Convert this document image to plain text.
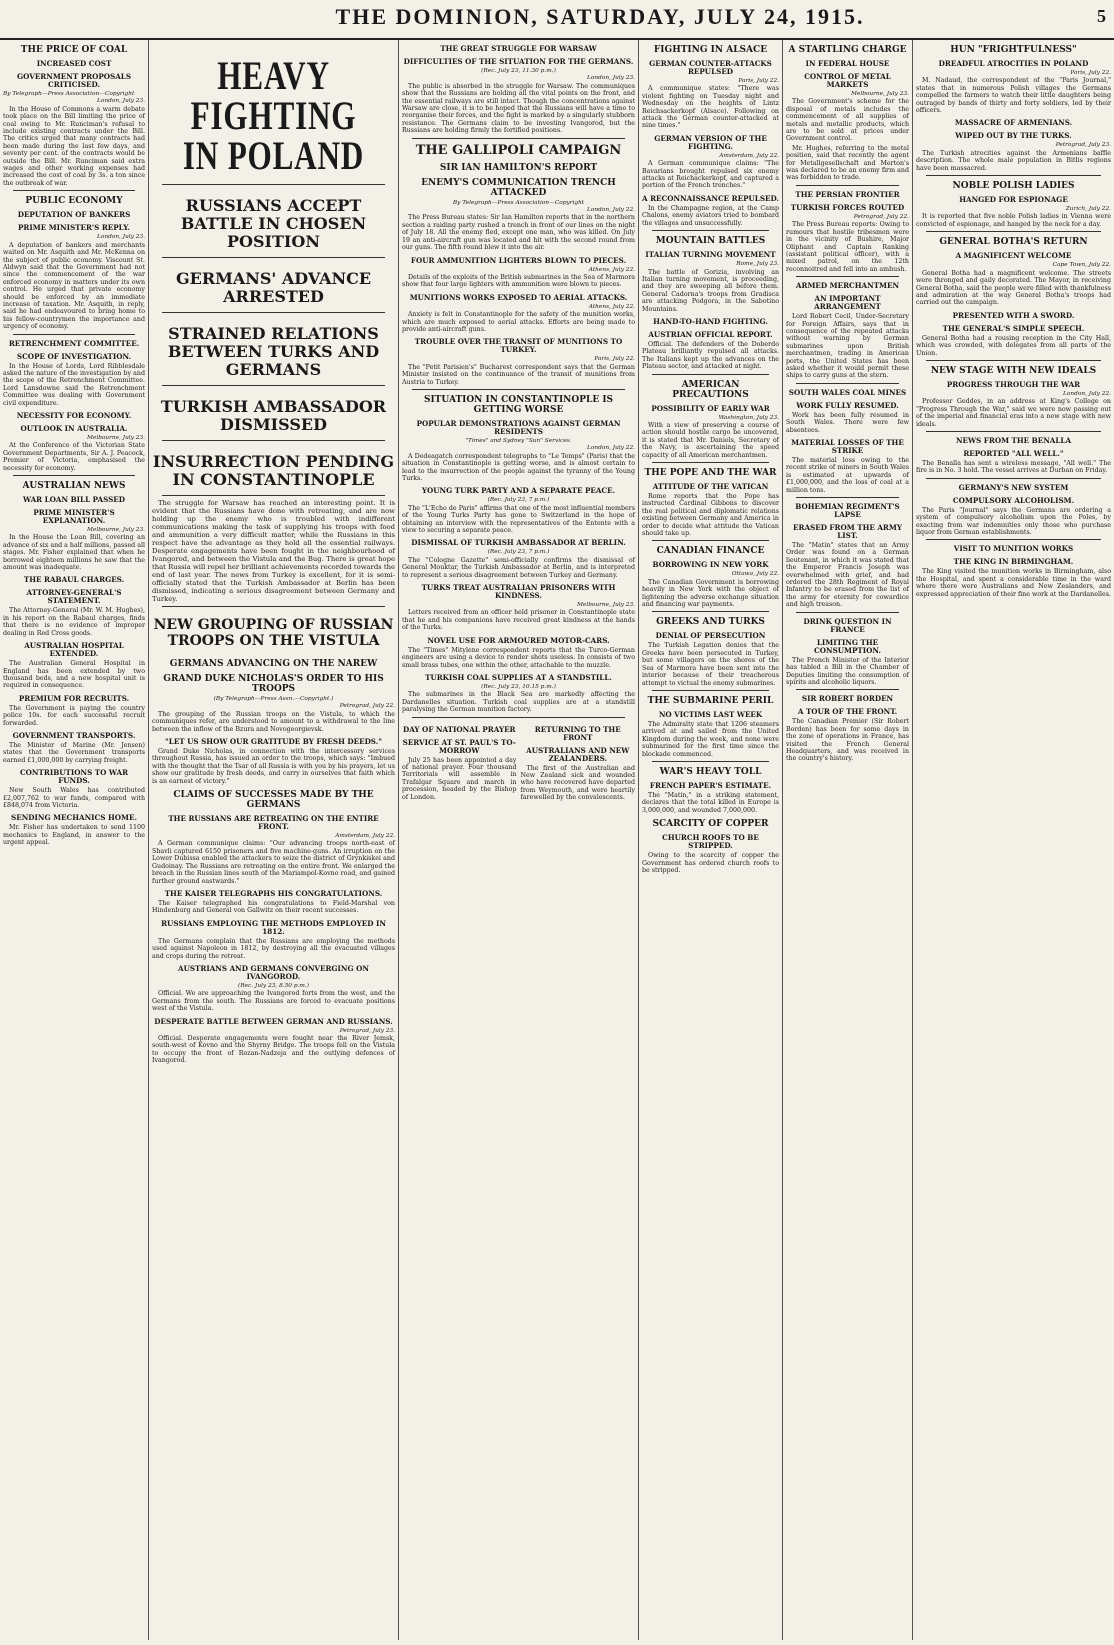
THE DOMINION, SATURDAY, JULY 24, 1915.	5
THE PRICE OF COAL
INCREASED COST
GOVERNMENT PROPOSALS CRITICISED.
By Telegraph—Press Association—Copyright
London, July 23.

In the House of Commons a warm debate took place on the Bill limiting the price of coal owing to Mr. Runciman's refusal to include existing contracts under the Bill. The critics urged that many contracts had been made during the last few days, and seventy per cent. of the contracts would be outside the Bill. Mr. Runciman said extra wages and other working expenses had increased the cost of coal by 3s. a ton since the outbreak of war.

PUBLIC ECONOMY
DEPUTATION OF BANKERS
PRIME MINISTER'S REPLY.
London, July 23.

A deputation of bankers and merchants waited on Mr. Asquith and Mr. McKenna on the subject of public economy. Viscount St. Aldwyn said that the Government had not since the commencement of the war enforced economy in matters under its own control. He urged that private economy should be enforced by an immediate increase of taxation. Mr. Asquith, in reply, said he had endeavoured to bring home to his fellow-countrymen the importance and urgency of economy.

RETRENCHMENT COMMITTEE.
SCOPE OF INVESTIGATION.

In the House of Lords, Lord Ribblesdale asked the nature of the investigation by and the scope of the Retrenchment Committee. Lord Lansdowne said the Retrenchment Committee was dealing with Government civil expenditure.

NECESSITY FOR ECONOMY.
OUTLOOK IN AUSTRALIA.
Melbourne, July 23.

At the Conference of the Victorian State Government Departments, Sir A. J. Peacock, Premier of Victoria, emphasised the necessity for economy.

AUSTRALIAN NEWS
WAR LOAN BILL PASSED
PRIME MINISTER'S EXPLANATION.
Melbourne, July 23.

In the House the Loan Bill, covering an advance of six and a half millions, passed all stages. Mr. Fisher explained that when he borrowed eighteen millions he saw that the amount was inadequate.

THE RABAUL CHARGES.
ATTORNEY-GENERAL'S STATEMENT.

The Attorney-General (Mr. W. M. Hughes), in his report on the Rabaul charges, finds that there is no evidence of improper dealing in Red Cross goods.

AUSTRALIAN HOSPITAL EXTENDED.

The Australian General Hospital in England has been extended by two thousand beds, and a new hospital unit is required in consequence.

PREMIUM FOR RECRUITS.

The Government is paying the country police 10s. for each successful recruit forwarded.

GOVERNMENT TRANSPORTS.

The Minister of Marine (Mr. Jensen) states that the Government transports earned £1,000,000 by carrying freight.

CONTRIBUTIONS TO WAR FUNDS.

New South Wales has contributed £2,007,762 to war funds, compared with £848,074 from Victoria.

SENDING MECHANICS HOME.

Mr. Fisher has undertaken to send 1100 mechanics to England, in answer to the urgent appeal.

HEAVY FIGHTING IN POLAND
RUSSIANS ACCEPT BATTLE IN CHOSEN POSITION
GERMANS' ADVANCE ARRESTED
STRAINED RELATIONS BETWEEN TURKS AND GERMANS
TURKISH AMBASSADOR DISMISSED
INSURRECTION PENDING IN CONSTANTINOPLE

The struggle for Warsaw has reached an interesting point. It is evident that the Russians have done with retreating, and are now holding up the enemy who is troubled with indifferent communications making the task of supplying his troops with food and ammunition a very difficult matter, while the Russians in this respect have the advantage as they hold all the essential railways. Desperate engagements have been fought in the neighbourhood of Ivangorod, and between the Vistula and the Bug. There is great hope that Russia will repel her brilliant achievements recorded towards the end of last year. The news from Turkey is excellent, for it is semi-officially stated that the Turkish Ambassador at Berlin has been dismissed, indicating a serious disagreement between Germany and Turkey.

NEW GROUPING OF RUSSIAN TROOPS ON THE VISTULA
GERMANS ADVANCING ON THE NAREW
GRAND DUKE NICHOLAS'S ORDER TO HIS TROOPS
(By Telegraph—Press Assn.—Copyright.)
Petrograd, July 22.

The grouping of the Russian troops on the Vistula, to which the communiques refer, are understood to amount to a withdrawal to the line between the inflow of the Bzura and Novogeorgievsk.

"LET US SHOW OUR GRATITUDE BY FRESH DEEDS."

Grand Duke Nicholas, in connection with the intercessory services throughout Russia, has issued an order to the troops, which says: "Imbued with the thought that the Tsar of all Russia is with you by his prayers, let us show our gratitude by fresh deeds, and carry in ourselves that faith which is an earnest of victory."

CLAIMS OF SUCCESSES MADE BY THE GERMANS
THE RUSSIANS ARE RETREATING ON THE ENTIRE FRONT.
Amsterdam, July 22.

A German communique claims: "Our advancing troops north-east of Shavli captured 6150 prisoners and five machine-guns. An irruption on the Lower Dubissa enabled the attackers to seize the district of Grynkiskei and Gudoinay. The Russians are retreating on the entire front. We enlarged the breach in the Russian lines south of the Mariampol-Kovno road, and gained further ground eastwards."

THE KAISER TELEGRAPHS HIS CONGRATULATIONS.

The Kaiser telegraphed his congratulations to Field-Marshal von Hindenburg and General von Gallwitz on their recent successes.

RUSSIANS EMPLOYING THE METHODS EMPLOYED IN 1812.

The Germans complain that the Russians are employing the methods used against Napoleon in 1812, by destroying all the evacuated villages and crops during the retreat.

AUSTRIANS AND GERMANS CONVERGING ON IVANGOROD.
(Rec. July 23, 8.50 p.m.)

Official. We are approaching the Ivangorod forts from the west, and the Germans from the south. The Russians are forced to evacuate positions west of the Vistula.

DESPERATE BATTLE BETWEEN GERMAN AND RUSSIANS.
Petrograd, July 23.

Official. Desperate engagements were fought near the River Jemsk, south-west of Kovno and the Shyrny Bridge. The troops fell on the Vistula to occupy the front of Rozan-Nadzeja and the outlying defences of Ivangorod.

THE GREAT STRUGGLE FOR WARSAW
DIFFICULTIES OF THE SITUATION FOR THE GERMANS.
(Rec. July 23, 11.30 p.m.)
London, July 23.

The public is absorbed in the struggle for Warsaw. The communiques show that the Russians are holding all the vital points on the front, and the essential railways are still intact. Though the concentrations against Warsaw are close, it is to be hoped that the Russians will have a time to reorganise their forces, and the fight is marked by a singularly stubborn resistance. The Germans claim to be investing Ivangorod, but the Russians are holding firmly the fortified positions.

THE GALLIPOLI CAMPAIGN
SIR IAN HAMILTON'S REPORT
ENEMY'S COMMUNICATION TRENCH ATTACKED
By Telegraph—Press Association—Copyright
London, July 22.

The Press Bureau states: Sir Ian Hamilton reports that in the northern section a raiding party rushed a trench in front of our lines on the night of July 18. All the enemy fled, except one man, who was killed. On July 19 an anti-aircraft gun was located and hit with the second round from our guns. The fifth round blew it into the air.

FOUR AMMUNITION LIGHTERS BLOWN TO PIECES.
Athens, July 22.

Details of the exploits of the British submarines in the Sea of Marmora show that four large lighters with ammunition were blown to pieces.

MUNITIONS WORKS EXPOSED TO AERIAL ATTACKS.
Athens, July 22.

Anxiety is felt in Constantinople for the safety of the munition works, which are much exposed to aerial attacks. Efforts are being made to provide anti-aircraft guns.

TROUBLE OVER THE TRANSIT OF MUNITIONS TO TURKEY.
Paris, July 22.

The "Petit Parisien's" Bucharest correspondent says that the German Minister insisted on the continuance of the transit of munitions from Austria to Turkey.

SITUATION IN CONSTANTINOPLE IS GETTING WORSE
POPULAR DEMONSTRATIONS AGAINST GERMAN RESIDENTS
"Times" and Sydney "Sun" Services.
London, July 22.

A Dedeagatch correspondent telegraphs to "Le Temps" (Paris) that the situation in Constantinople is getting worse, and is almost certain to lead to the insurrection of the people against the tyranny of the Young Turks.

YOUNG TURK PARTY AND A SEPARATE PEACE.
(Rec. July 23, 7 p.m.)

The "L'Echo de Paris" affirms that one of the most influential members of the Young Turks Party has gone to Switzerland in the hope of obtaining an interview with the representatives of the Entente with a view to securing a separate peace.

DISMISSAL OF TURKISH AMBASSADOR AT BERLIN.
(Rec. July 23, 7 p.m.)

The "Cologne Gazette" semi-officially confirms the dismissal of General Mouktar, the Turkish Ambassador at Berlin, and is interpreted to represent a serious disagreement between Turkey and Germany.

TURKS TREAT AUSTRALIAN PRISONERS WITH KINDNESS.
Melbourne, July 23.

Letters received from an officer held prisoner in Constantinople state that he and his companions have received great kindness at the hands of the Turks.

NOVEL USE FOR ARMOURED MOTOR-CARS.

The "Times" Mitylene correspondent reports that the Turco-German engineers are using a device to render shots useless. In consists of two small brass tubes, one within the other, attachable to the muzzle.

TURKISH COAL SUPPLIES AT A STANDSTILL.
(Rec. July 23, 10.15 p.m.)

The submarines in the Black Sea are markedly affecting the Dardanelles situation. Turkish coal supplies are at a standstill paralysing the German munition factory.

DAY OF NATIONAL PRAYER
SERVICE AT ST. PAUL'S TO-MORROW

July 25 has been appointed a day of national prayer. Four thousand Territorials will assemble in Trafalgar Square and march in procession, headed by the Bishop of London.

RETURNING TO THE FRONT
AUSTRALIANS AND NEW ZEALANDERS.

The first of the Australian and New Zealand sick and wounded who have recovered have departed from Weymouth, and were heartily farewelled by the convalescents.

FIGHTING IN ALSACE
GERMAN COUNTER-ATTACKS REPULSED
Paris, July 22.

A communique states: "There was violent fighting on Tuesday night and Wednesday on the heights of Lintz Reichsackerkopf (Alsace). Following on attack the German counter-attacked at nine times."

GERMAN VERSION OF THE FIGHTING.
Amsterdam, July 22.

A German communique claims: "The Bavarians brought repulsed six enemy attacks at Reichackerkopf, and captured a portion of the French trenches."

A RECONNAISSANCE REPULSED.

In the Champagne region, at the Camp Chalons, enemy aviators tried to bombard the villages and unsuccessfully.

MOUNTAIN BATTLES
ITALIAN TURNING MOVEMENT
Rome, July 23.

The battle of Gorizia, involving an Italian turning movement, is proceeding, and they are sweeping all before them. General Cadorna's troops from Gradisca are attacking Podgora, in the Sabotino Mountains.

HAND-TO-HAND FIGHTING.
AUSTRIAN OFFICIAL REPORT.

Official. The defenders of the Doberdo Plateau brilliantly repulsed all attacks. The Italians kept up the advances on the Plateau sector, and attacked at night.

AMERICAN PRECAUTIONS
POSSIBILITY OF EARLY WAR
Washington, July 23.

With a view of preserving a course of action should hostile cargo be uncovered, it is stated that Mr. Daniels, Secretary of the Navy, is ascertaining the speed capacity of all American merchantmen.

THE POPE AND THE WAR
ATTITUDE OF THE VATICAN

Rome reports that the Pope has instructed Cardinal Gibbons to discover the real political and diplomatic relations existing between Germany and America in order to decide what attitude the Vatican should take up.

CANADIAN FINANCE
BORROWING IN NEW YORK
Ottawa, July 22.

The Canadian Government is borrowing heavily in New York with the object of lightening the adverse exchange situation and financing war payments.

GREEKS AND TURKS
DENIAL OF PERSECUTION

The Turkish Legation denies that the Greeks have been persecuted in Turkey, but some villagers on the shores of the Sea of Marmora have been sent into the interior because of their treacherous attempt to victual the enemy submarines.

THE SUBMARINE PERIL
NO VICTIMS LAST WEEK

The Admiralty state that 1206 steamers arrived at and sailed from the United Kingdom during the week, and none were submarined for the first time since the blockade commenced.

WAR'S HEAVY TOLL
FRENCH PAPER'S ESTIMATE.

The "Matin," in a striking statement, declares that the total killed in Europe is 3,000,000, and wounded 7,000,000.

SCARCITY OF COPPER
CHURCH ROOFS TO BE STRIPPED.

Owing to the scarcity of copper the Government has ordered church roofs to be stripped.

A STARTLING CHARGE
IN FEDERAL HOUSE
CONTROL OF METAL MARKETS
Melbourne, July 23.

The Government's scheme for the disposal of metals includes the commencement of all supplies of metals and metallic products, which are to be sold at prices under Government control.

Mr. Hughes, referring to the metal position, said that recently the agent for Metallgesellschaft and Merton's was declared to be an enemy firm and was forbidden to trade.

THE PERSIAN FRONTIER
TURKISH FORCES ROUTED
Petrograd, July 22.

The Press Bureau reports: Owing to rumours that hostile tribesmen were in the vicinity of Bushire, Major Oliphant and Captain Ranking (assistant political officer), with a mixed patrol, on the 12th reconnoitred and fell into an ambush.

ARMED MERCHANTMEN
AN IMPORTANT ARRANGEMENT

Lord Robert Cecil, Under-Secretary for Foreign Affairs, says that in consequence of the repeated attacks without warning by German submarines upon British merchantmen, trading in American ports, the United States has been asked whether it would permit these ships to carry guns at the stern.

SOUTH WALES COAL MINES
WORK FULLY RESUMED.

Work has been fully resumed in South Wales. There were few absentees.

MATERIAL LOSSES OF THE STRIKE

The material loss owing to the recent strike of miners in South Wales is estimated at upwards of £1,000,000, and the loss of coal at a million tons.

BOHEMIAN REGIMENT'S LAPSE
ERASED FROM THE ARMY LIST.

The "Matin" states that an Army Order was found on a German lieutenant, in which it was stated that the Emperor Francis Joseph was overwhelmed with grief, and had ordered the 28th Regiment of Royal Infantry to be erased from the list of the army for eternity for cowardice and high treason.

DRINK QUESTION IN FRANCE
LIMITING THE CONSUMPTION.

The French Minister of the Interior has tabled a Bill in the Chamber of Deputies limiting the consumption of spirits and alcoholic liquors.

SIR ROBERT BORDEN
A TOUR OF THE FRONT.

The Canadian Premier (Sir Robert Borden) has been for some days in the zone of operations in France, has visited the French General Headquarters, and was received in the country's history.

HUN "FRIGHTFULNESS"
DREADFUL ATROCITIES IN POLAND
Paris, July 22.

M. Nadaud, the correspondent of the "Paris Journal," states that in numerous Polish villages the Germans compelled the farmers to watch their little daughters being outraged by bands of thirty and forty soldiers, led by their officers.

MASSACRE OF ARMENIANS.
WIPED OUT BY THE TURKS.
Petrograd, July 23.

The Turkish atrocities against the Armenians baffle description. The whole male population in Bitlis regions have been massacred.

NOBLE POLISH LADIES
HANGED FOR ESPIONAGE
Zurich, July 22.

It is reported that five noble Polish ladies in Vienna were convicted of espionage, and hanged by the neck for a day.

GENERAL BOTHA'S RETURN
A MAGNIFICENT WELCOME
Cape Town, July 22.

General Botha had a magnificent welcome. The streets were thronged and gaily decorated. The Mayor, in receiving General Botha, said the people were filled with thankfulness and admiration at the way General Botha's troops had carried out the campaign.

PRESENTED WITH A SWORD.
THE GENERAL'S SIMPLE SPEECH.

General Botha had a rousing reception in the City Hall, which was crowded, with delegates from all parts of the Union.

NEW STAGE WITH NEW IDEALS
PROGRESS THROUGH THE WAR
London, July 22.

Professor Geddes, in an address at King's College on "Progress Through the War," said we were now passing out of the imperial and financial eras into a new stage with new ideals.

NEWS FROM THE BENALLA
REPORTED "ALL WELL."

The Benalla has sent a wireless message, "All well." The fire is in No. 3 hold. The vessel arrives at Durban on Friday.

GERMANY'S NEW SYSTEM
COMPULSORY ALCOHOLISM.

The Paris "Journal" says the Germans are ordering a system of compulsory alcoholism upon the Poles, by exacting from war indemnities only those who purchase liquor from German establishments.

VISIT TO MUNITION WORKS
THE KING IN BIRMINGHAM.

The King visited the munition works in Birmingham, also the Hospital, and spent a considerable time in the ward where there were Australians and New Zealanders, and expressed appreciation of their fine work at the Dardanelles.
